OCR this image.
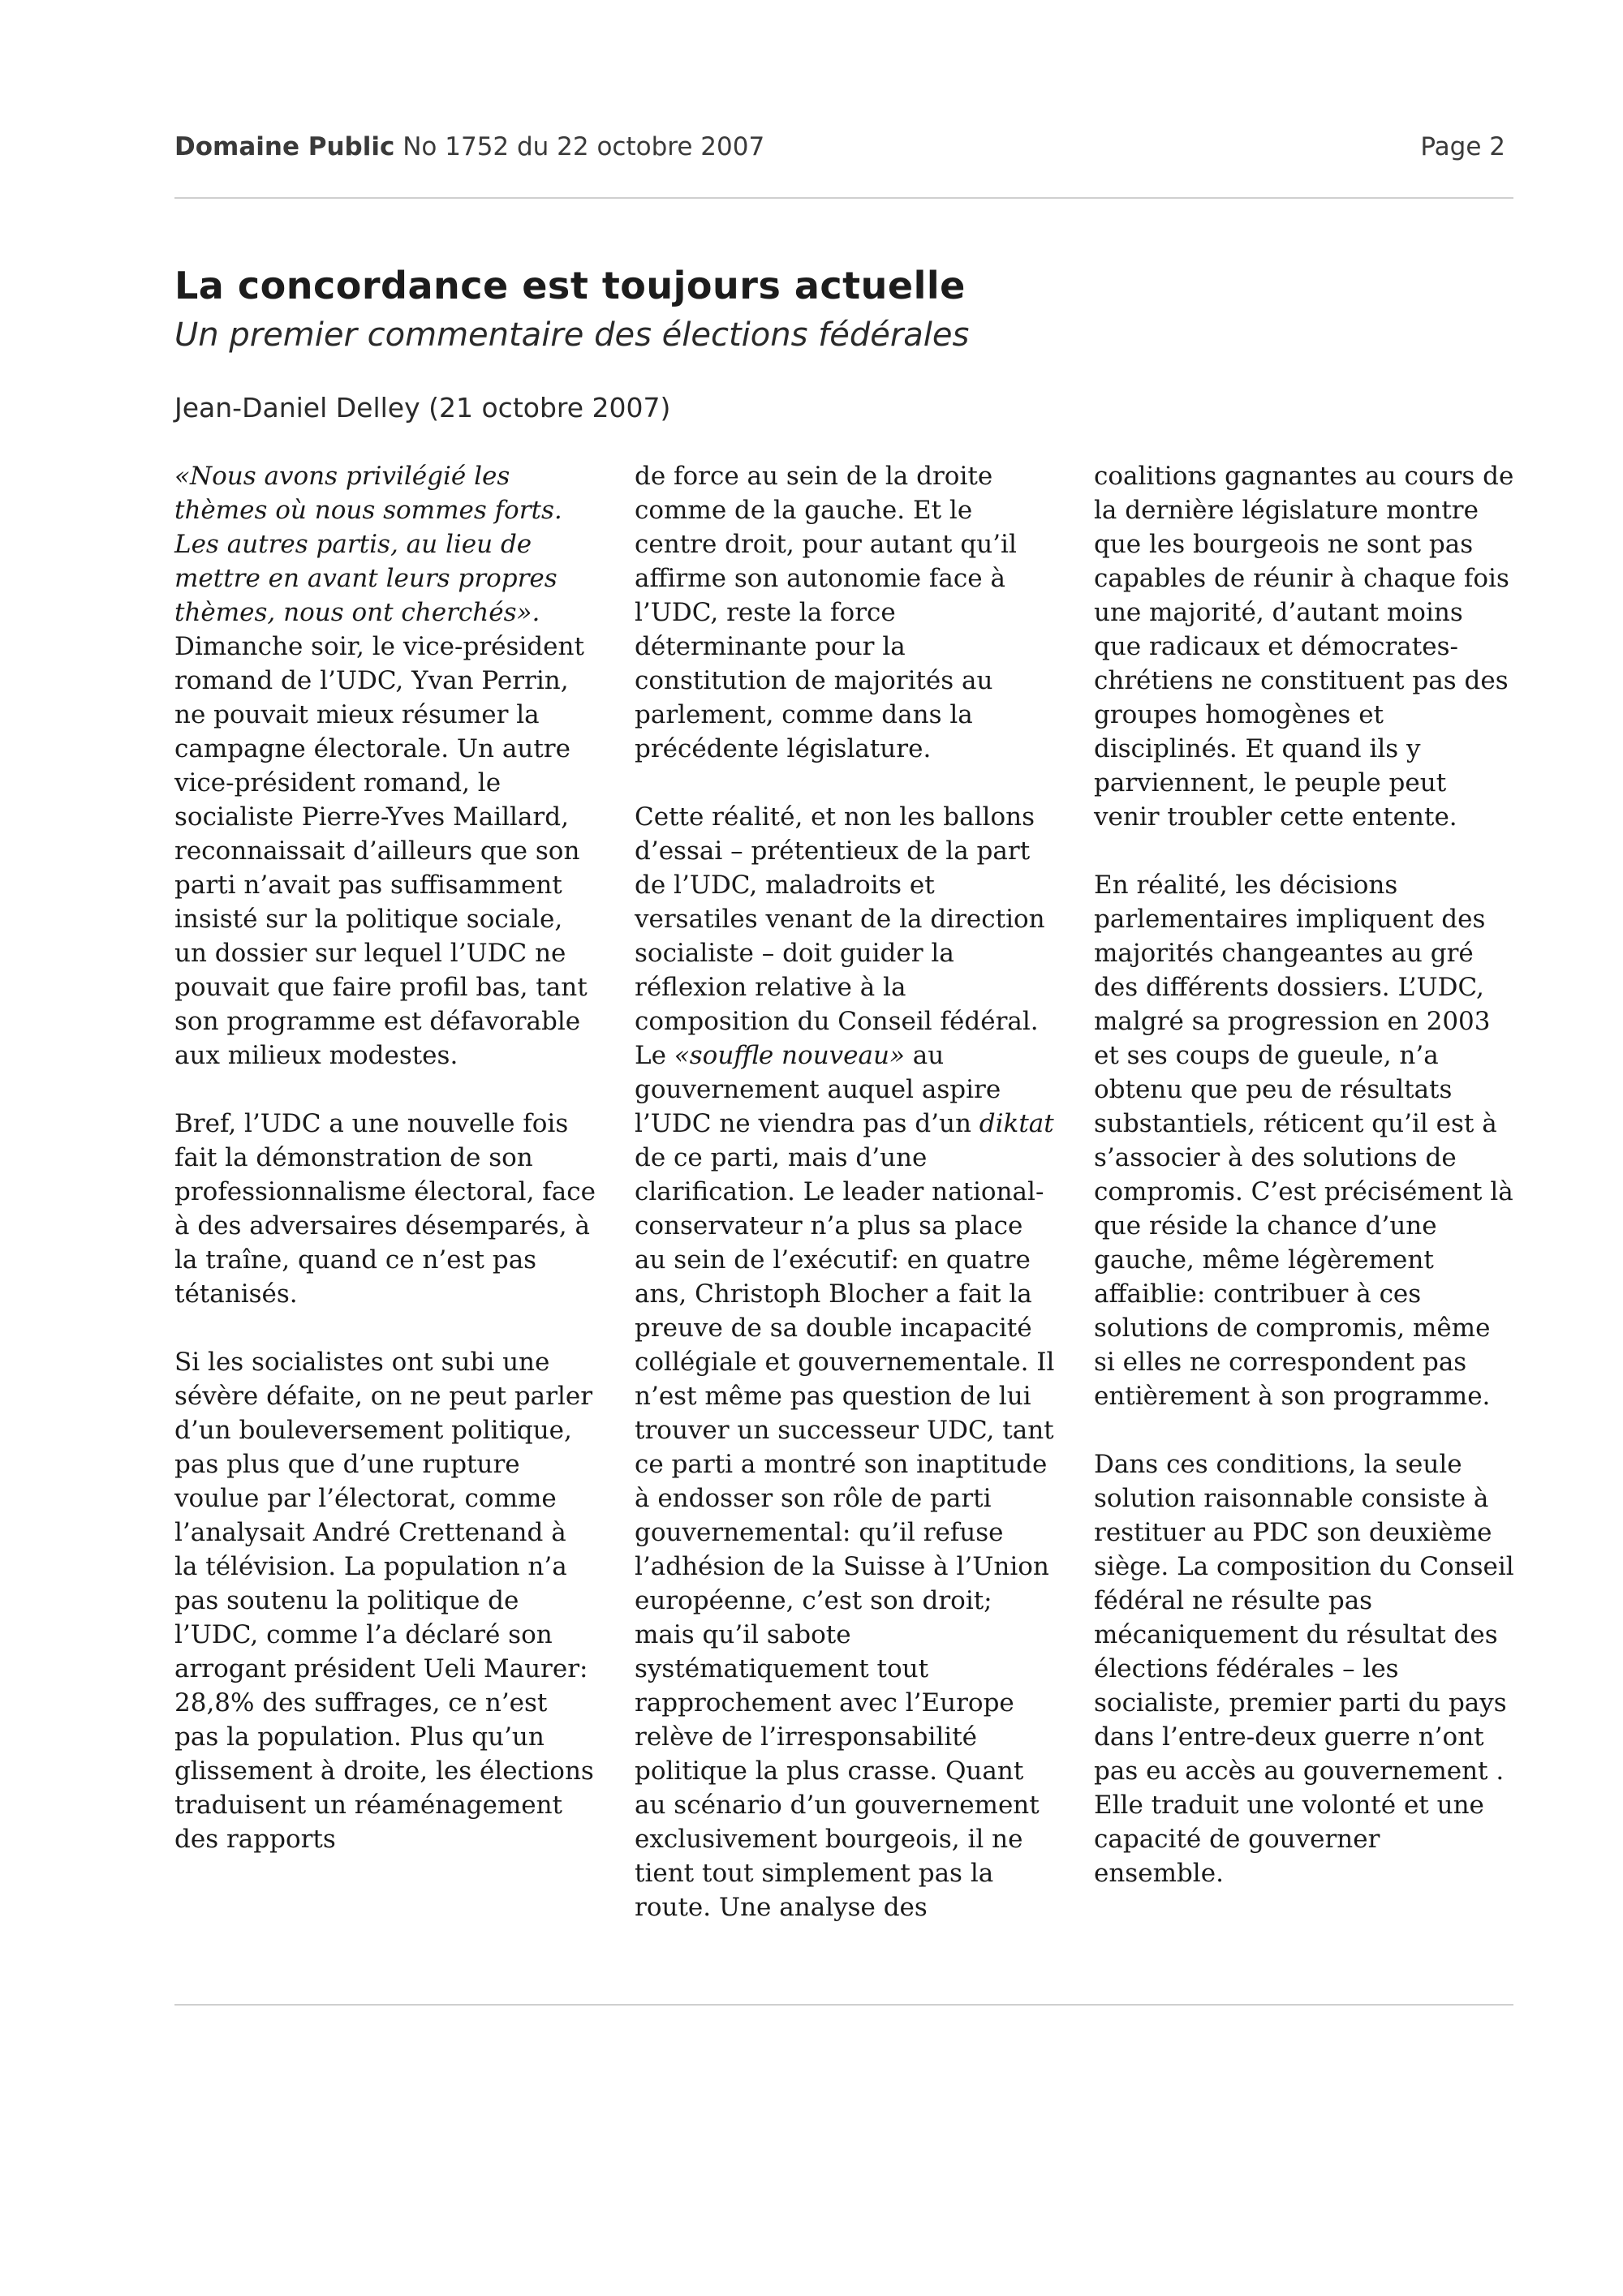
Domaine Public No 1752 du 22 octobre 2007	Page 2
La concordance est toujours actuelle
Un premier commentaire des élections fédérales
Jean-Daniel Delley (21 octobre 2007)

«Nous avons privilégié les thèmes où nous sommes forts. Les autres partis, au lieu de mettre en avant leurs propres thèmes, nous ont cherchés». Dimanche soir, le vice-président romand de l’UDC, Yvan Perrin, ne pouvait mieux résumer la campagne électorale. Un autre vice-président romand, le socialiste Pierre-Yves Maillard, reconnaissait d’ailleurs que son parti n’avait pas suffisamment insisté sur la politique sociale, un dossier sur lequel l’UDC ne pouvait que faire profil bas, tant son programme est défavorable aux milieux modestes.

Bref, l’UDC a une nouvelle fois fait la démonstration de son professionnalisme électoral, face à des adversaires désemparés, à la traîne, quand ce n’est pas tétanisés.

Si les socialistes ont subi une sévère défaite, on ne peut parler d’un bouleversement politique, pas plus que d’une rupture voulue par l’électorat, comme l’analysait André Crettenand à la télévision. La population n’a pas soutenu la politique de l’UDC, comme l’a déclaré son arrogant président Ueli Maurer: 28,8% des suffrages, ce n’est pas la population. Plus qu’un glissement à droite, les élections traduisent un réaménagement des rapports

de force au sein de la droite comme de la gauche. Et le centre droit, pour autant qu’il affirme son autonomie face à l’UDC, reste la force déterminante pour la constitution de majorités au parlement, comme dans la précédente législature.

Cette réalité, et non les ballons d’essai – prétentieux de la part de l’UDC, maladroits et versatiles venant de la direction socialiste – doit guider la réflexion relative à la composition du Conseil fédéral. Le «souffle nouveau» au gouvernement auquel aspire l’UDC ne viendra pas d’un diktat de ce parti, mais d’une clarification. Le leader national-conservateur n’a plus sa place au sein de l’exécutif: en quatre ans, Christoph Blocher a fait la preuve de sa double incapacité collégiale et gouvernementale. Il n’est même pas question de lui trouver un successeur UDC, tant ce parti a montré son inaptitude à endosser son rôle de parti gouvernemental: qu’il refuse l’adhésion de la Suisse à l’Union européenne, c’est son droit; mais qu’il sabote systématiquement tout rapprochement avec l’Europe relève de l’irresponsabilité politique la plus crasse. Quant au scénario d’un gouvernement exclusivement bourgeois, il ne tient tout simplement pas la route. Une analyse des

coalitions gagnantes au cours de la dernière législature montre que les bourgeois ne sont pas capables de réunir à chaque fois une majorité, d’autant moins que radicaux et démocrates-chrétiens ne constituent pas des groupes homogènes et disciplinés. Et quand ils y parviennent, le peuple peut venir troubler cette entente.

En réalité, les décisions parlementaires impliquent des majorités changeantes au gré des différents dossiers. L’UDC, malgré sa progression en 2003 et ses coups de gueule, n’a obtenu que peu de résultats substantiels, réticent qu’il est à s’associer à des solutions de compromis. C’est précisément là que réside la chance d’une gauche, même légèrement affaiblie: contribuer à ces solutions de compromis, même si elles ne correspondent pas entièrement à son programme.

Dans ces conditions, la seule solution raisonnable consiste à restituer au PDC son deuxième siège. La composition du Conseil fédéral ne résulte pas mécaniquement du résultat des élections fédérales – les socialiste, premier parti du pays dans l’entre-deux guerre n’ont pas eu accès au gouvernement . Elle traduit une volonté et une capacité de gouverner ensemble.
